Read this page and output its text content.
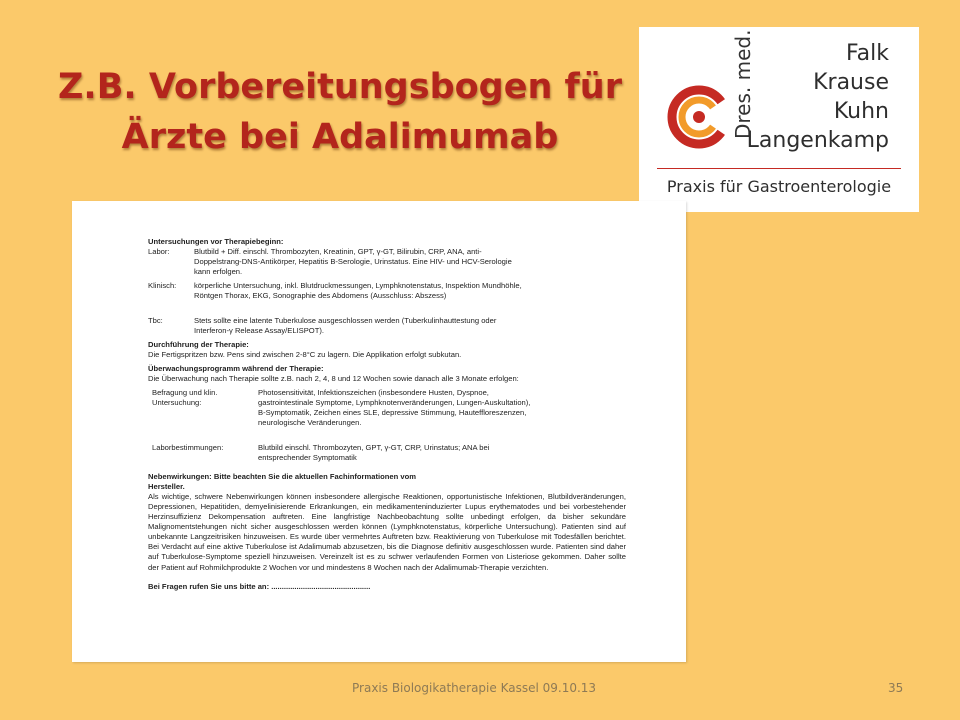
Z.B. Vorbereitungsbogen für
Ärzte bei Adalimumab	Dres. med.	Falk
Krause
Kuhn
Langenkamp
Praxis für Gastroenterologie

Untersuchungen vor Therapiebeginn:

Labor:	Blutbild + Diff. einschl. Thrombozyten, Kreatinin, GPT, γ-GT, Bilirubin, CRP, ANA, anti-

Doppelstrang-DNS-Antikörper, Hepatitis B-Serologie, Urinstatus. Eine HIV- und HCV-Serologie

kann erfolgen.

Klinisch:	körperliche Untersuchung, inkl. Blutdruckmessungen, Lymphknotenstatus, Inspektion Mundhöhle,

Röntgen Thorax, EKG, Sonographie des Abdomens (Ausschluss: Abszess)

Tbc:	Stets sollte eine latente Tuberkulose ausgeschlossen werden (Tuberkulinhauttestung oder

Interferon-γ Release Assay/ELISPOT).

Durchführung der Therapie:

Die Fertigspritzen bzw. Pens sind zwischen 2-8°C zu lagern. Die Applikation erfolgt subkutan.

Überwachungsprogramm während der Therapie:

Die Überwachung nach Therapie sollte z.B. nach 2, 4, 8 und 12 Wochen sowie danach alle 3 Monate erfolgen:

Befragung und klin.

Untersuchung:

Photosensitivität, Infektionszeichen (insbesondere Husten, Dyspnoe,

gastrointestinale Symptome, Lymphknotenveränderungen, Lungen-Auskultation),

B-Symptomatik, Zeichen eines SLE, depressive Stimmung, Hauteffloreszenzen,

neurologische Veränderungen.

Laborbestimmungen:	Blutbild einschl. Thrombozyten, GPT, γ-GT, CRP, Urinstatus; ANA bei

entsprechender Symptomatik

Nebenwirkungen: Bitte beachten Sie die aktuellen Fachinformationen vom

Hersteller.

Als wichtige, schwere Nebenwirkungen können insbesondere allergische Reaktionen, opportunistische Infektionen, Blutbildveränderungen, Depressionen, Hepatitiden, demyelinisierende Erkrankungen, ein medikamenteninduzierter Lupus erythematodes und bei vorbestehender Herzinsuffizienz Dekompensation auftreten. Eine langfristige Nachbeobachtung sollte unbedingt erfolgen, da bisher sekundäre Malignomentstehungen nicht sicher ausgeschlossen werden können (Lymphknotenstatus, körperliche Untersuchung). Patienten sind auf unbekannte Langzeitrisiken hinzuweisen. Es wurde über vermehrtes Auftreten bzw. Reaktivierung von Tuberkulose mit Todesfällen berichtet. Bei Verdacht auf eine aktive Tuberkulose ist Adalimumab abzusetzen, bis die Diagnose definitiv ausgeschlossen wurde. Patienten sind daher auf Tuberkulose-Symptome speziell hinzuweisen. Vereinzelt ist es zu schwer verlaufenden Formen von Listeriose gekommen. Daher sollte der Patient auf Rohmilchprodukte 2 Wochen vor und mindestens 8 Wochen nach der Adalimumab-Therapie verzichten.

Bei Fragen rufen Sie uns bitte an: ...............................................

Praxis Biologikatherapie Kassel 09.10.13	35
